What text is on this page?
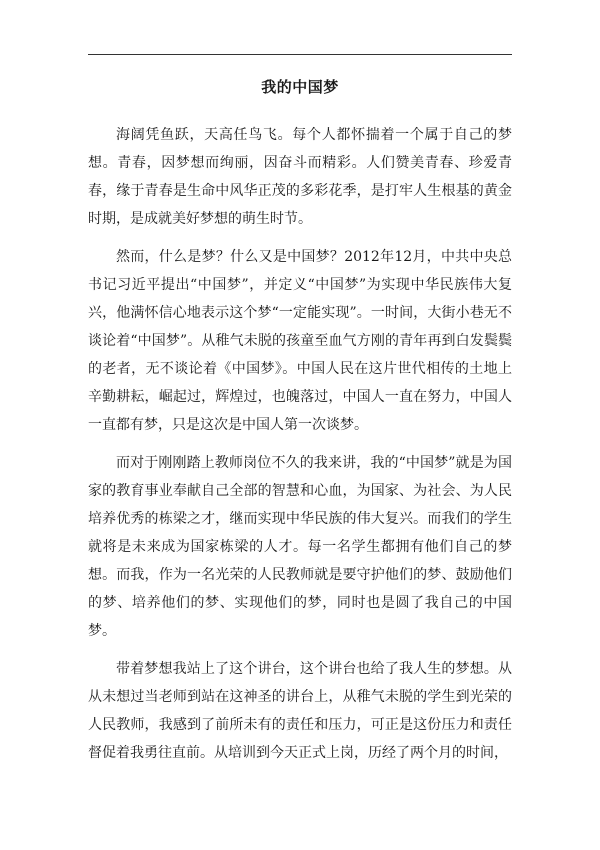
我的中国梦

海阔凭鱼跃，天高任鸟飞。每个人都怀揣着一个属于自己的梦想。青春，因梦想而绚丽，因奋斗而精彩。人们赞美青春、珍爱青春，缘于青春是生命中风华正茂的多彩花季，是打牢人生根基的黄金时期，是成就美好梦想的萌生时节。

然而，什么是梦？什么又是中国梦？2012年12月，中共中央总书记习近平提出“中国梦”，并定义“中国梦”为实现中华民族伟大复兴，他满怀信心地表示这个梦“一定能实现”。一时间，大街小巷无不谈论着“中国梦”。从稚气未脱的孩童至血气方刚的青年再到白发鬓鬓的老者，无不谈论着《中国梦》。中国人民在这片世代相传的土地上辛勤耕耘，崛起过，辉煌过，也魄落过，中国人一直在努力，中国人一直都有梦，只是这次是中国人第一次谈梦。

而对于刚刚踏上教师岗位不久的我来讲，我的“中国梦”就是为国家的教育事业奉献自己全部的智慧和心血，为国家、为社会、为人民培养优秀的栋梁之才，继而实现中华民族的伟大复兴。而我们的学生就将是未来成为国家栋梁的人才。每一名学生都拥有他们自己的梦想。而我，作为一名光荣的人民教师就是要守护他们的梦、鼓励他们的梦、培养他们的梦、实现他们的梦，同时也是圆了我自己的中国梦。

带着梦想我站上了这个讲台，这个讲台也给了我人生的梦想。从从未想过当老师到站在这神圣的讲台上，从稚气未脱的学生到光荣的人民教师，我感到了前所未有的责任和压力，可正是这份压力和责任督促着我勇往直前。从培训到今天正式上岗，历经了两个月的时间，
